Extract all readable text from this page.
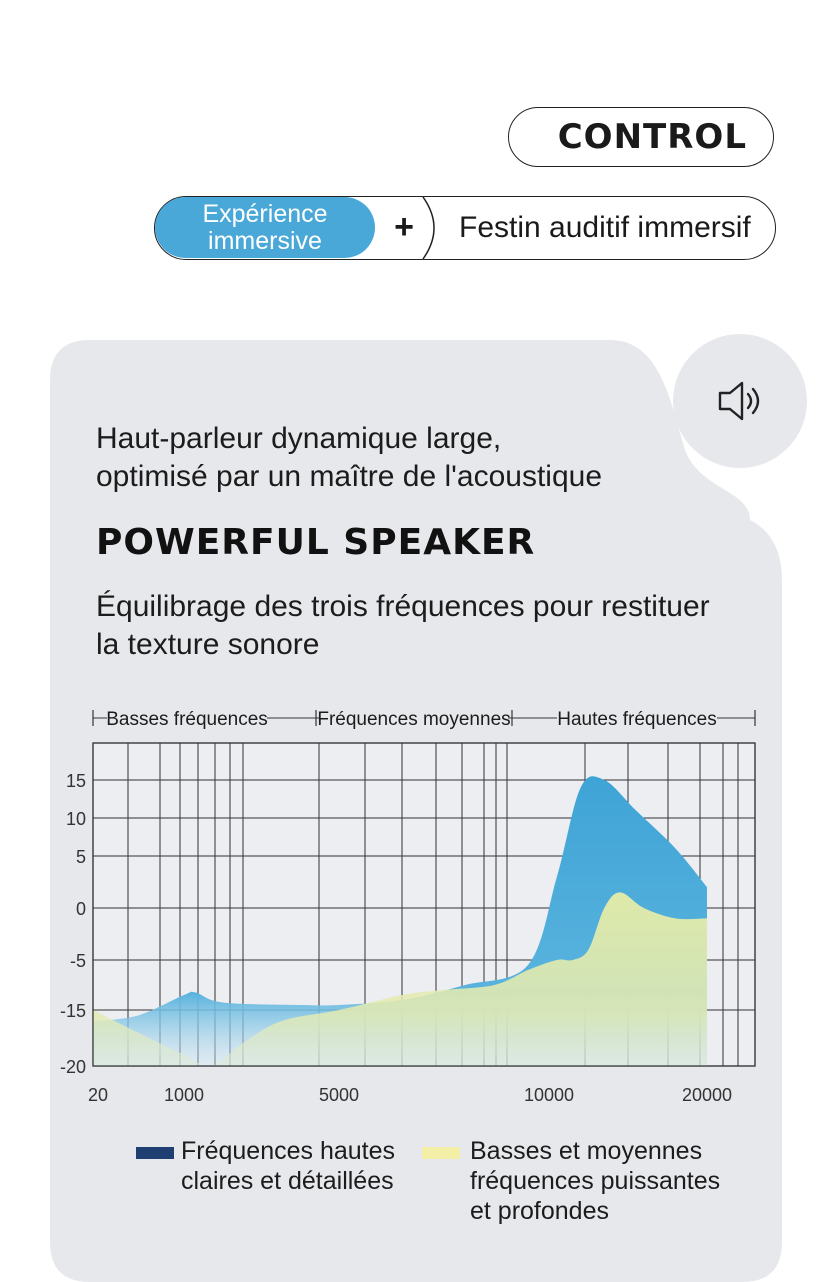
CONTROL
Expérience
immersive + Festin auditif immersif
Haut-parleur dynamique large,
optimisé par un maître de l'acoustique
POWERFUL SPEAKER
Équilibrage des trois fréquences pour restituer
la texture sonore
Basses fréquences	Fréquences moyennes Hautes fréquences
15
10
5
0
-5
-15
-20
20	1000	5000	10000	20000
Fréquences hautes
claires et détaillées
Basses et moyennes
fréquences puissantes
et profondes
